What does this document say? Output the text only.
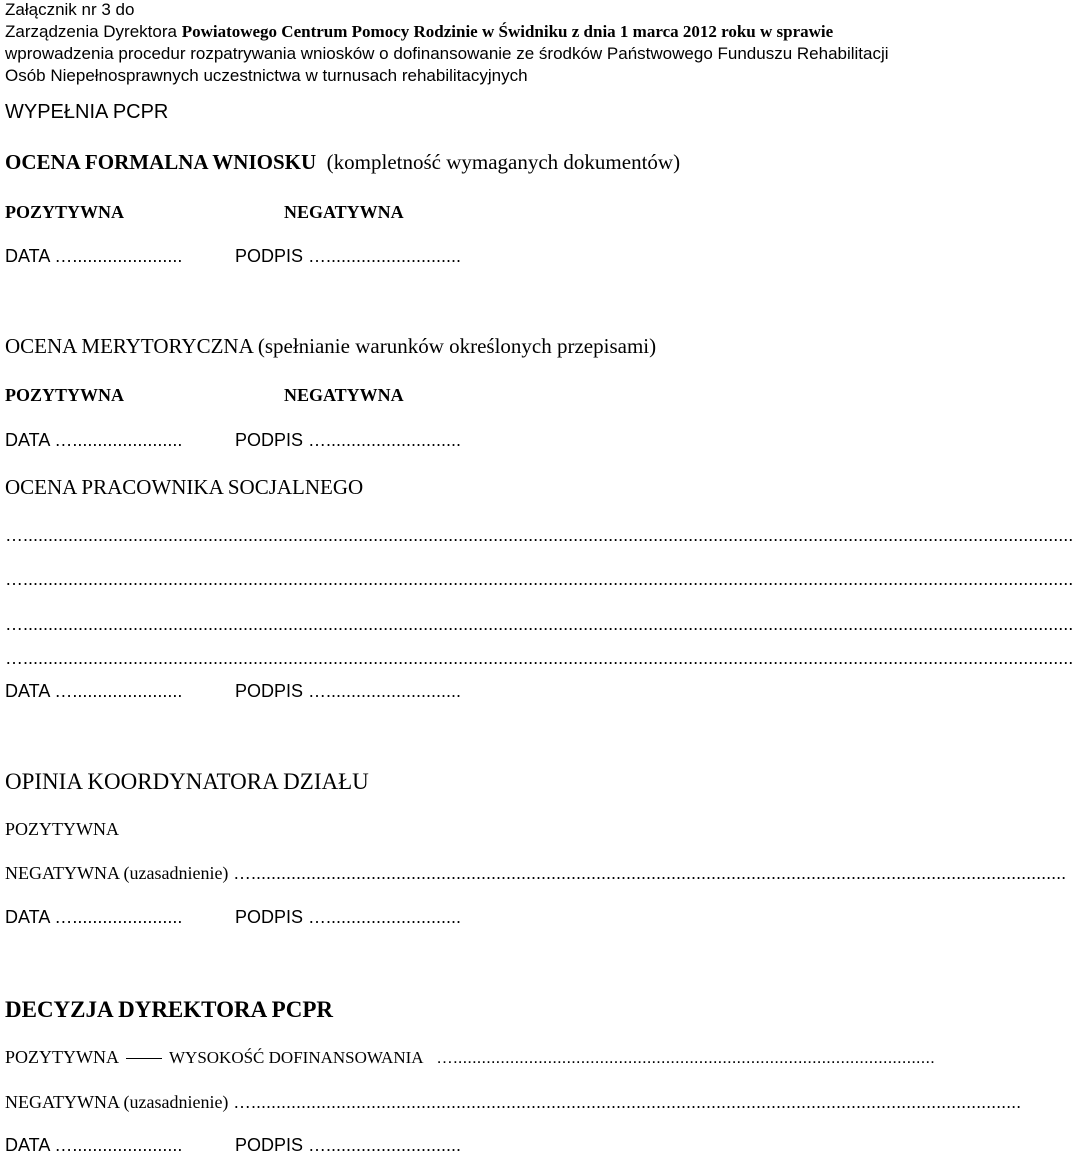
Załącznik nr 3 do
Zarządzenia Dyrektora Powiatowego Centrum Pomocy Rodzinie w Świdniku z dnia 1 marca 2012 roku w sprawie
wprowadzenia procedur rozpatrywania wniosków o dofinansowanie ze środków Państwowego Funduszu Rehabilitacji
Osób Niepełnosprawnych uczestnictwa w turnusach rehabilitacyjnych
WYPEŁNIA PCPR
OCENA FORMALNA WNIOSKU  (kompletność wymaganych dokumentów)
POZYTYWNA	NEGATYWNA
DATA …......................	PODPIS …...........................
OCENA MERYTORYCZNA (spełnianie warunków określonych przepisami)
POZYTYWNA	NEGATYWNA
DATA …......................	PODPIS …...........................
OCENA PRACOWNIKA SOCJALNEGO
…..................................................................................................................................................................................................................
…..................................................................................................................................................................................................................
…..................................................................................................................................................................................................................
…..................................................................................................................................................................................................................
DATA …......................	PODPIS …...........................
OPINIA KOORDYNATORA DZIAŁU
POZYTYWNA
NEGATYWNA (uzasadnienie) …...................................................................................................................................................................
DATA …......................	PODPIS …...........................
DECYZJA DYREKTORA PCPR
POZYTYWNA	WYSOKOŚĆ DOFINANSOWANIA …......................................................................................................
NEGATYWNA (uzasadnienie) …..........................................................................................................................................................
DATA …......................	PODPIS …...........................
